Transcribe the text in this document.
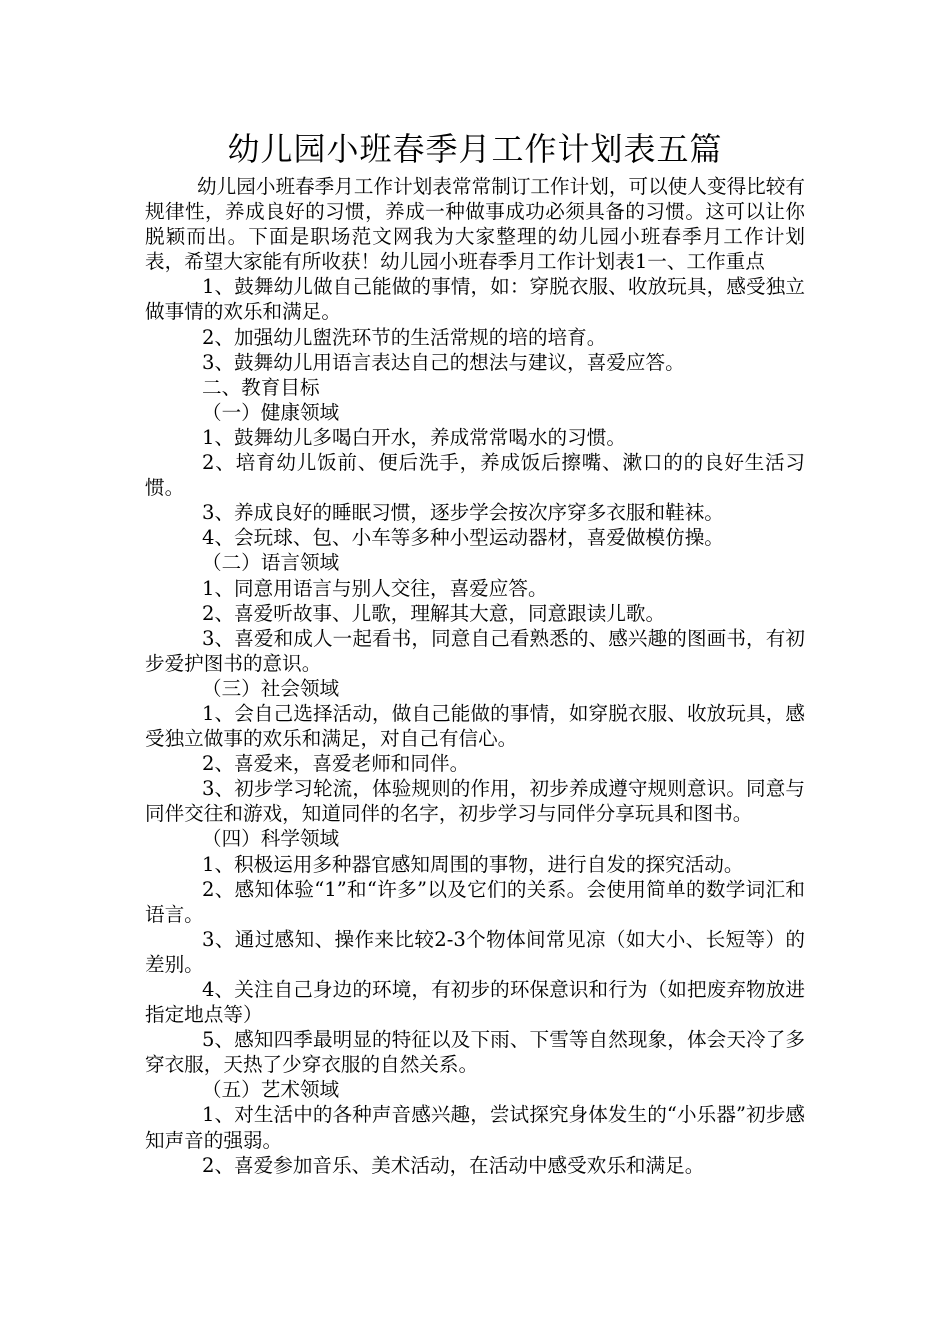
幼儿园小班春季月工作计划表五篇

幼儿园小班春季月工作计划表常常制订工作计划，可以使人变得比较有规律性，养成良好的习惯，养成一种做事成功必须具备的习惯。这可以让你脱颖而出。下面是职场范文网我为大家整理的幼儿园小班春季月工作计划表，希望大家能有所收获！幼儿园小班春季月工作计划表1一、工作重点

1、鼓舞幼儿做自己能做的事情，如：穿脱衣服、收放玩具，感受独立做事情的欢乐和满足。

2、加强幼儿盥洗环节的生活常规的培的培育。

3、鼓舞幼儿用语言表达自己的想法与建议，喜爱应答。

二、教育目标

（一）健康领域

1、鼓舞幼儿多喝白开水，养成常常喝水的习惯。

2、培育幼儿饭前、便后洗手，养成饭后擦嘴、漱口的的良好生活习惯。

3、养成良好的睡眠习惯，逐步学会按次序穿多衣服和鞋袜。

4、会玩球、包、小车等多种小型运动器材，喜爱做模仿操。

（二）语言领域

1、同意用语言与别人交往，喜爱应答。

2、喜爱听故事、儿歌，理解其大意，同意跟读儿歌。

3、喜爱和成人一起看书，同意自己看熟悉的、感兴趣的图画书，有初步爱护图书的意识。

（三）社会领域

1、会自己选择活动，做自己能做的事情，如穿脱衣服、收放玩具，感受独立做事的欢乐和满足，对自己有信心。

2、喜爱来，喜爱老师和同伴。

3、初步学习轮流，体验规则的作用，初步养成遵守规则意识。同意与同伴交往和游戏，知道同伴的名字，初步学习与同伴分享玩具和图书。

（四）科学领域

1、积极运用多种器官感知周围的事物，进行自发的探究活动。

2、感知体验“1”和“许多”以及它们的关系。会使用简单的数学词汇和语言。

3、通过感知、操作来比较2-3个物体间常见凉（如大小、长短等）的差别。

4、关注自己身边的环境，有初步的环保意识和行为（如把废弃物放进指定地点等）

5、感知四季最明显的特征以及下雨、下雪等自然现象，体会天冷了多穿衣服，天热了少穿衣服的自然关系。

（五）艺术领域

1、对生活中的各种声音感兴趣，尝试探究身体发生的“小乐器”初步感知声音的强弱。

2、喜爱参加音乐、美术活动，在活动中感受欢乐和满足。
